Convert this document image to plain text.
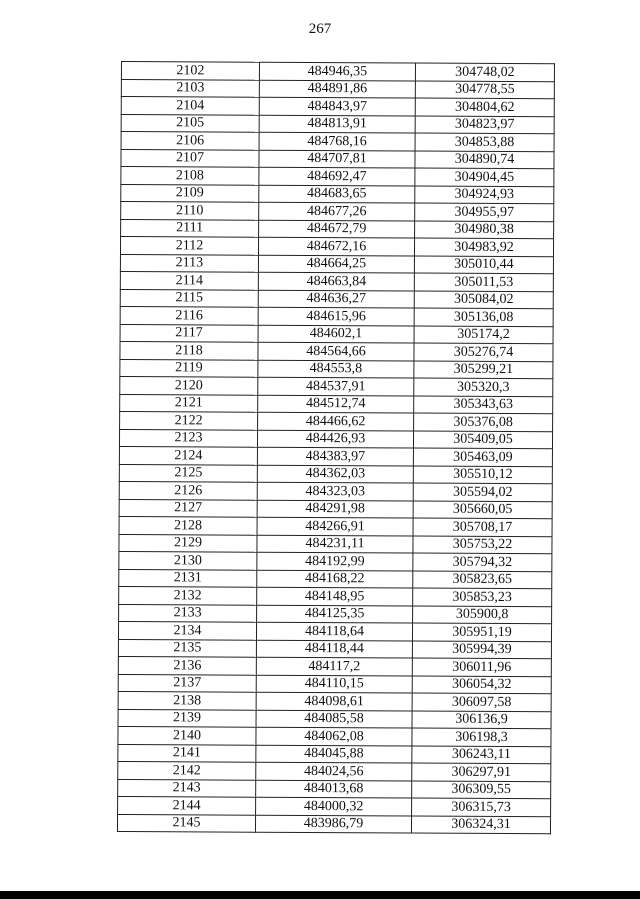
267
2102	484946,35	304748,02
2103	484891,86	304778,55
2104	484843,97	304804,62
2105	484813,91	304823,97
2106	484768,16	304853,88
2107	484707,81	304890,74
2108	484692,47	304904,45
2109	484683,65	304924,93
2110	484677,26	304955,97
2111	484672,79	304980,38
2112	484672,16	304983,92
2113	484664,25	305010,44
2114	484663,84	305011,53
2115	484636,27	305084,02
2116	484615,96	305136,08
2117	484602,1	305174,2
2118	484564,66	305276,74
2119	484553,8	305299,21
2120	484537,91	305320,3
2121	484512,74	305343,63
2122	484466,62	305376,08
2123	484426,93	305409,05
2124	484383,97	305463,09
2125	484362,03	305510,12
2126	484323,03	305594,02
2127	484291,98	305660,05
2128	484266,91	305708,17
2129	484231,11	305753,22
2130	484192,99	305794,32
2131	484168,22	305823,65
2132	484148,95	305853,23
2133	484125,35	305900,8
2134	484118,64	305951,19
2135	484118,44	305994,39
2136	484117,2	306011,96
2137	484110,15	306054,32
2138	484098,61	306097,58
2139	484085,58	306136,9
2140	484062,08	306198,3
2141	484045,88	306243,11
2142	484024,56	306297,91
2143	484013,68	306309,55
2144	484000,32	306315,73
2145	483986,79	306324,31
